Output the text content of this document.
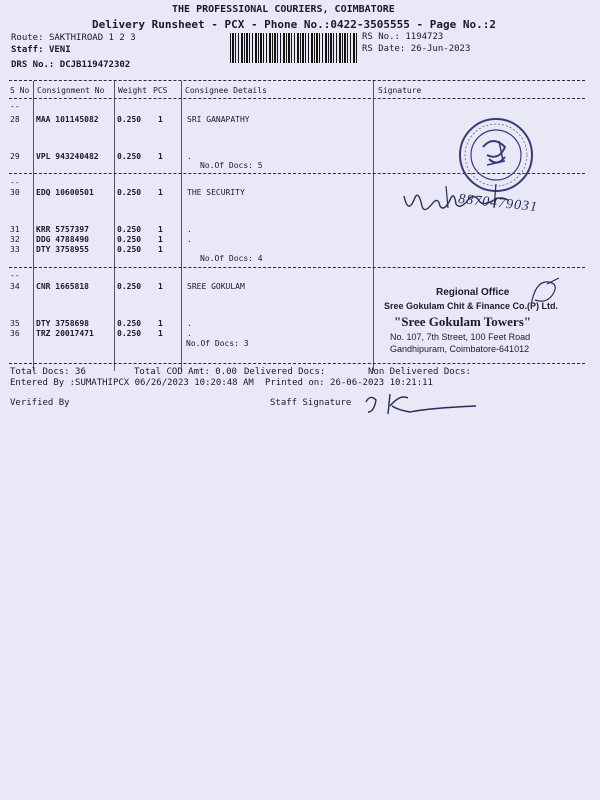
THE PROFESSIONAL COURIERS, COIMBATORE
Delivery Runsheet - PCX - Phone No.:0422-3505555 - Page No.:2
Route: SAKTHIROAD 1 2 3
Staff: VENI
DRS No.: DCJB119472302
RS No.: 1194723
RS Date: 26-Jun-2023
S No Consignment No Weight PCS Consignee Details	Signature
--
28 MAA 101145082 0.250 1	SRI GANAPATHY
29 VPL 943240482 0.250 1	.
No.Of Docs: 5
--
30 EDQ 10600501	0.250 1	THE SECURITY
31 KRR 5757397	0.250 1	.
32 DDG 4788490	0.250 1	.
33 DTY 3758955	0.250 1
No.Of Docs: 4
--
34 CNR 1665818	0.250 1	SREE GOKULAM
35 DTY 3758698	0.250 1	.
36 TRZ 20017471	0.250 1	.
No.Of Docs: 3
Total Docs: 36	Total COD Amt: 0.00 Delivered Docs:	Non Delivered Docs:
Entered By :SUMATHIPCX 06/26/2023 10:20:48 AM Printed on: 26-06-2023 10:21:11
Verified By	Staff Signature
8870479031
Regional Office
Sree Gokulam Chit & Finance Co.(P) Ltd.
"Sree Gokulam Towers"
No. 107, 7th Street, 100 Feet Road
Gandhipuram, Coimbatore-641012
